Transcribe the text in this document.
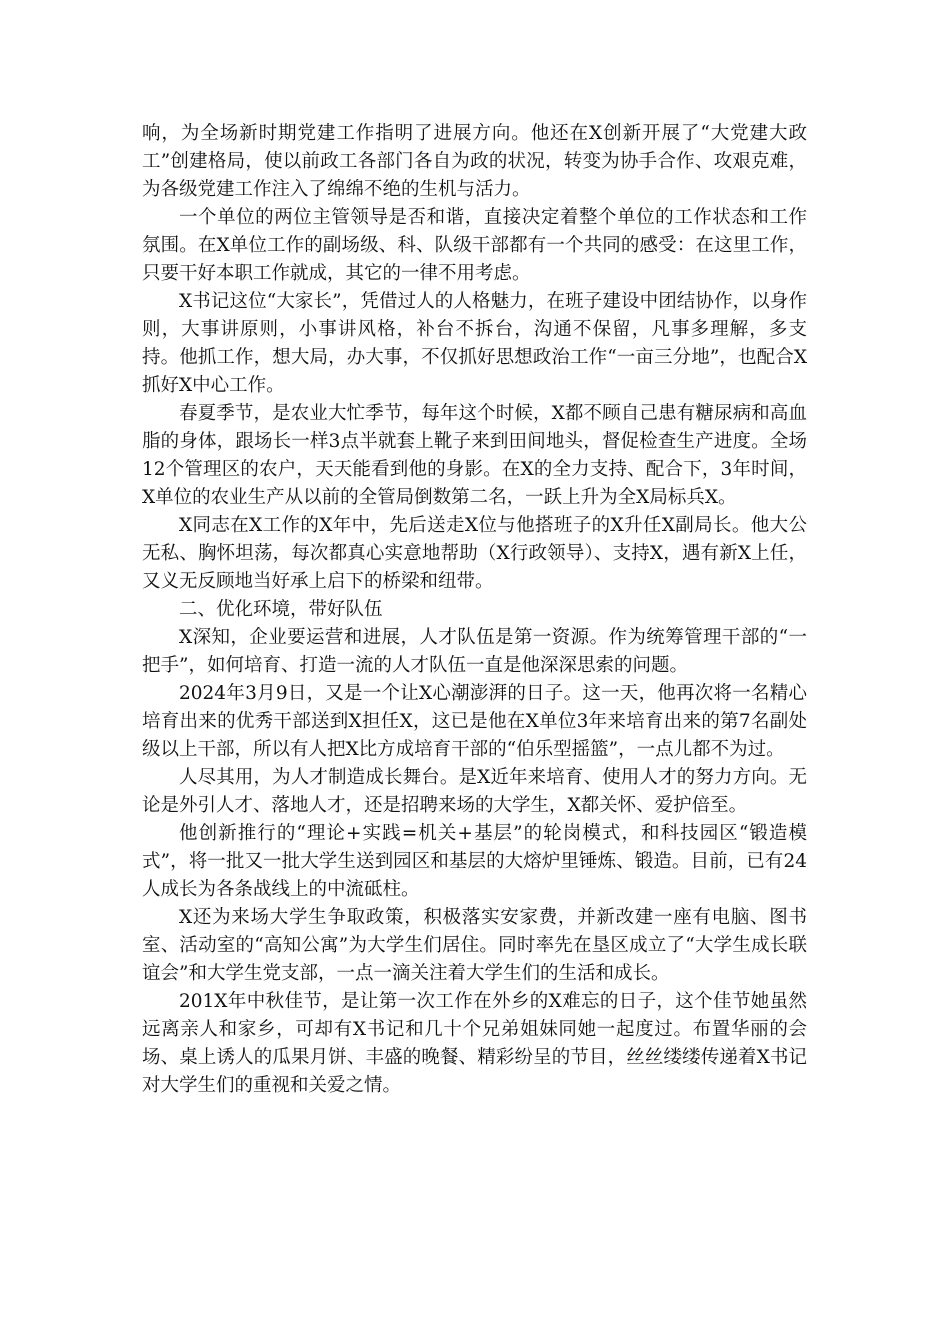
响，为全场新时期党建工作指明了进展方向。他还在X创新开展了“大党建大政工”创建格局，使以前政工各部门各自为政的状况，转变为协手合作、攻艰克难，为各级党建工作注入了绵绵不绝的生机与活力。

一个单位的两位主管领导是否和谐，直接决定着整个单位的工作状态和工作氛围。在X单位工作的副场级、科、队级干部都有一个共同的感受：在这里工作，只要干好本职工作就成，其它的一律不用考虑。

X书记这位“大家长”，凭借过人的人格魅力，在班子建设中团结协作，以身作则，大事讲原则，小事讲风格，补台不拆台，沟通不保留，凡事多理解，多支持。他抓工作，想大局，办大事，不仅抓好思想政治工作“一亩三分地”，也配合X抓好X中心工作。

春夏季节，是农业大忙季节，每年这个时候，X都不顾自己患有糖尿病和高血脂的身体，跟场长一样3点半就套上靴子来到田间地头，督促检查生产进度。全场12个管理区的农户，天天能看到他的身影。在X的全力支持、配合下，3年时间，X单位的农业生产从以前的全管局倒数第二名，一跃上升为全X局标兵X。

X同志在X工作的X年中，先后送走X位与他搭班子的X升任X副局长。他大公无私、胸怀坦荡，每次都真心实意地帮助（X行政领导）、支持X，遇有新X上任，又义无反顾地当好承上启下的桥梁和纽带。

二、优化环境，带好队伍

X深知，企业要运营和进展，人才队伍是第一资源。作为统筹管理干部的“一把手”，如何培育、打造一流的人才队伍一直是他深深思索的问题。

2024年3月9日，又是一个让X心潮澎湃的日子。这一天，他再次将一名精心培育出来的优秀干部送到X担任X，这已是他在X单位3年来培育出来的第7名副处级以上干部，所以有人把X比方成培育干部的“伯乐型摇篮”，一点儿都不为过。

人尽其用，为人才制造成长舞台。是X近年来培育、使用人才的努力方向。无论是外引人才、落地人才，还是招聘来场的大学生，X都关怀、爱护倍至。

他创新推行的“理论+实践=机关+基层”的轮岗模式，和科技园区“锻造模式”，将一批又一批大学生送到园区和基层的大熔炉里锤炼、锻造。目前，已有24人成长为各条战线上的中流砥柱。

X还为来场大学生争取政策，积极落实安家费，并新改建一座有电脑、图书室、活动室的“高知公寓”为大学生们居住。同时率先在垦区成立了“大学生成长联谊会”和大学生党支部，一点一滴关注着大学生们的生活和成长。

201X年中秋佳节，是让第一次工作在外乡的X难忘的日子，这个佳节她虽然远离亲人和家乡，可却有X书记和几十个兄弟姐妹同她一起度过。布置华丽的会场、桌上诱人的瓜果月饼、丰盛的晚餐、精彩纷呈的节目，丝丝缕缕传递着X书记对大学生们的重视和关爱之情。
